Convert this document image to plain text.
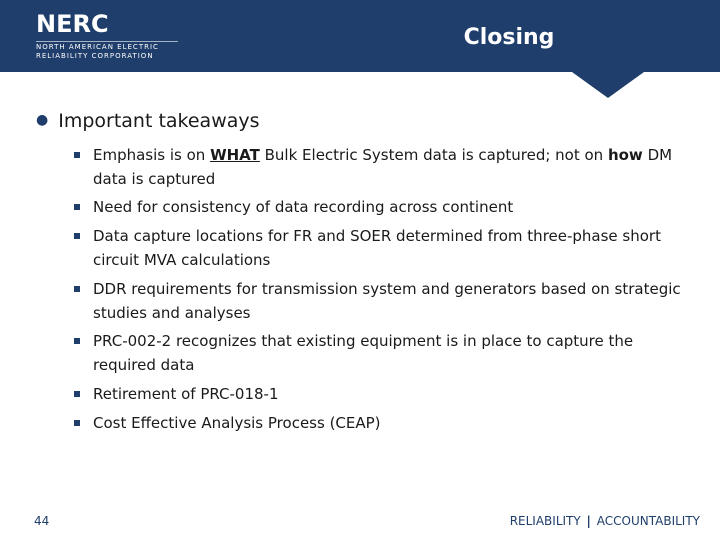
NERC
NORTH AMERICAN ELECTRIC
RELIABILITY CORPORATION
Closing
● Important takeaways
Emphasis is on WHAT Bulk Electric System data is captured; not on how DM data is captured
Need for consistency of data recording across continent
Data capture locations for FR and SOER determined from three-phase short circuit MVA calculations
DDR requirements for transmission system and generators based on strategic studies and analyses
PRC-002-2 recognizes that existing equipment is in place to capture the required data
Retirement of PRC-018-1
Cost Effective Analysis Process (CEAP)
44	RELIABILITY | ACCOUNTABILITY
